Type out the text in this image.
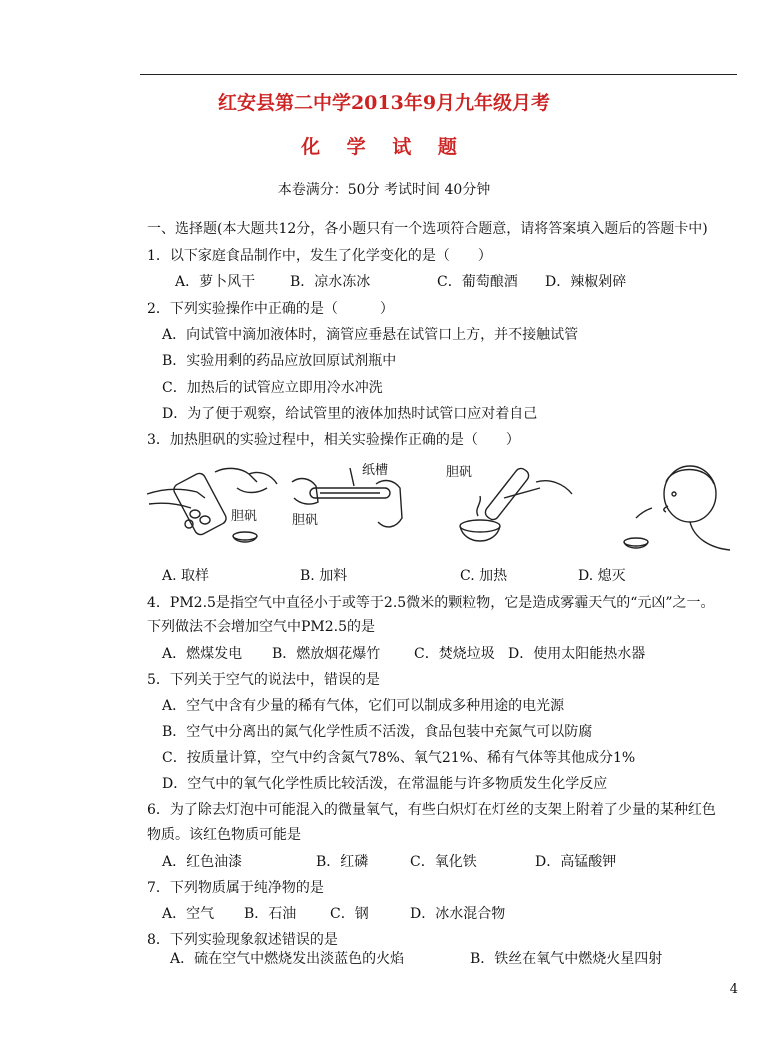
红安县第二中学2013年9月九年级月考
化 学 试 题
本卷满分：50分 考试时间 40分钟
一、选择题(本大题共12分，各小题只有一个选项符合题意，请将答案填入题后的答题卡中)
1．以下家庭食品制作中，发生了化学变化的是（　　）
A．萝卜风干 B．凉水冻冰	C．葡萄酿酒 D．辣椒剁碎
2．下列实验操作中正确的是（　　　）
A．向试管中滴加液体时，滴管应垂悬在试管口上方，并不接触试管
B．实验用剩的药品应放回原试剂瓶中
C．加热后的试管应立即用冷水冲洗
D．为了便于观察，给试管里的液体加热时试管口应对着自己
3．加热胆矾的实验过程中，相关实验操作正确的是（　　）
胆矾
纸槽
胆矾
胆矾
A. 取样	B. 加料	C. 加热	D. 熄灭
4．PM2.5是指空气中直径小于或等于2.5微米的颗粒物，它是造成雾霾天气的“元凶”之一。
下列做法不会增加空气中PM2.5的是
A．燃煤发电 B．燃放烟花爆竹 C．焚烧垃圾 D．使用太阳能热水器
5．下列关于空气的说法中，错误的是
A．空气中含有少量的稀有气体，它们可以制成多种用途的电光源
B．空气中分离出的氮气化学性质不活泼，食品包装中充氮气可以防腐
C．按质量计算，空气中约含氮气78%、氧气21%、稀有气体等其他成分1%
D．空气中的氧气化学性质比较活泼，在常温能与许多物质发生化学反应
6．为了除去灯泡中可能混入的微量氧气，有些白炽灯在灯丝的支架上附着了少量的某种红色
物质。该红色物质可能是
A．红色油漆	B．红磷	C．氧化铁	D．高锰酸钾
7．下列物质属于纯净物的是
A．空气 B．石油 C．钢	D．冰水混合物
8．下列实验现象叙述错误的是
A．硫在空气中燃烧发出淡蓝色的火焰	B．铁丝在氧气中燃烧火星四射
4
